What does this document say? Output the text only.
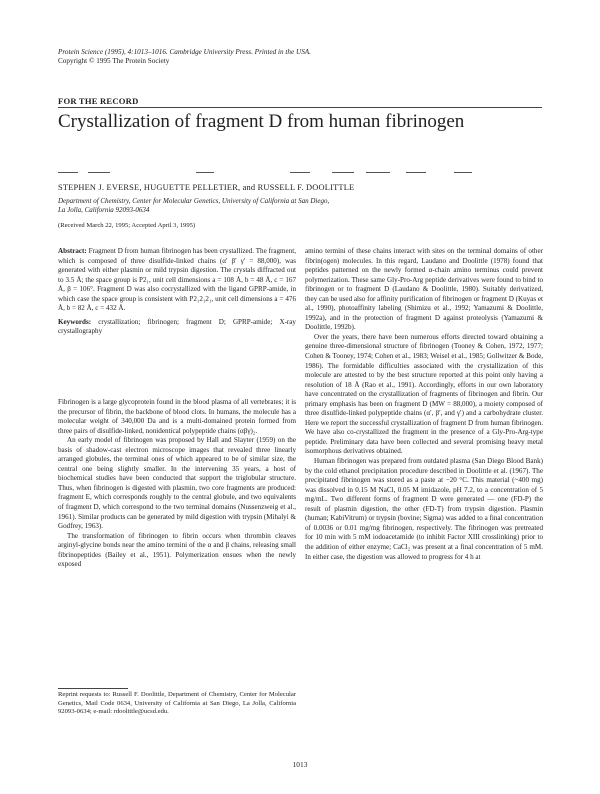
Protein Science (1995), 4:1013–1016. Cambridge University Press. Printed in the USA.
Copyright © 1995 The Protein Society
FOR THE RECORD
Crystallization of fragment D from human fibrinogen
STEPHEN J. EVERSE, HUGUETTE PELLETIER, and RUSSELL F. DOOLITTLE
Department of Chemistry, Center for Molecular Genetics, University of California at San Diego,
La Jolla, California 92093-0634
(Received March 22, 1995; Accepted April 3, 1995)

Abstract: Fragment D from human fibrinogen has been crystallized. The fragment, which is composed of three disulfide-linked chains (α′ β′ γ′ = 88,000), was generated with either plasmin or mild trypsin digestion. The crystals diffracted out to 3.5 Å; the space group is P2₁, unit cell dimensions a = 108 Å, b = 48 Å, c = 167 Å, β = 106°. Fragment D was also cocrystallized with the ligand GPRP-amide, in which case the space group is consistent with P2₁2₁2₁, unit cell dimensions a = 476 Å, b = 82 Å, c = 432 Å.

Keywords: crystallization; fibrinogen; fragment D; GPRP-amide; X-ray crystallography

Fibrinogen is a large glycoprotein found in the blood plasma of all vertebrates; it is the precursor of fibrin, the backbone of blood clots. In humans, the molecule has a molecular weight of 340,000 Da and is a multi-domained protein formed from three pairs of disulfide-linked, nonidentical polypeptide chains (αβγ)₂.

An early model of fibrinogen was proposed by Hall and Slayter (1959) on the basis of shadow-cast electron microscope images that revealed three linearly arranged globules, the terminal ones of which appeared to be of similar size, the central one being slightly smaller. In the intervening 35 years, a host of biochemical studies have been conducted that support the triglobular structure. Thus, when fibrinogen is digested with plasmin, two core fragments are produced: fragment E, which corresponds roughly to the central globule, and two equivalents of fragment D, which correspond to the two terminal domains (Nussenzweig et al., 1961). Similar products can be generated by mild digestion with trypsin (Mihalyi & Godfrey, 1963).

The transformation of fibrinogen to fibrin occurs when thrombin cleaves arginyl-glycine bonds near the amino termini of the α and β chains, releasing small fibrinopeptides (Bailey et al., 1951). Polymerization ensues when the newly exposed

amino termini of these chains interact with sites on the terminal domains of other fibrin(ogen) molecules. In this regard, Laudano and Doolittle (1978) found that peptides patterned on the newly formed α-chain amino terminus could prevent polymerization. These same Gly-Pro-Arg peptide derivatives were found to bind to fibrinogen or to fragment D (Laudano & Doolittle, 1980). Suitably derivatized, they can be used also for affinity purification of fibrinogen or fragment D (Kuyas et al., 1990), photoaffinity labeling (Shimizu et al., 1992; Yamazumi & Doolittle, 1992a), and in the protection of fragment D against proteolysis (Yamazumi & Doolittle, 1992b).

Over the years, there have been numerous efforts directed toward obtaining a genuine three-dimensional structure of fibrinogen (Tooney & Cohen, 1972, 1977; Cohen & Tooney, 1974; Cohen et al., 1983; Weisel et al., 1985; Gollwitzer & Bode, 1986). The formidable difficulties associated with the crystallization of this molecule are attested to by the best structure reported at this point only having a resolution of 18 Å (Rao et al., 1991). Accordingly, efforts in our own laboratory have concentrated on the crystallization of fragments of fibrinogen and fibrin. Our primary emphasis has been on fragment D (MW = 88,000), a moiety composed of three disulfide-linked polypeptide chains (α′, β′, and γ′) and a carbohydrate cluster. Here we report the successful crystallization of fragment D from human fibrinogen. We have also co-crystallized the fragment in the presence of a Gly-Pro-Arg-type peptide. Preliminary data have been collected and several promising heavy metal isomorphous derivatives obtained.

Human fibrinogen was prepared from outdated plasma (San Diego Blood Bank) by the cold ethanol precipitation procedure described in Doolittle et al. (1967). The precipitated fibrinogen was stored as a paste at −20 °C. This material (~400 mg) was dissolved in 0.15 M NaCl, 0.05 M imidazole, pH 7.2, to a concentration of 5 mg/mL. Two different forms of fragment D were generated — one (FD-P) the result of plasmin digestion, the other (FD-T) from trypsin digestion. Plasmin (human; KabiVitrum) or trypsin (bovine; Sigma) was added to a final concentration of 0.0036 or 0.01 mg/mg fibrinogen, respectively. The fibrinogen was pretreated for 10 min with 5 mM iodoacetamide (to inhibit Factor XIII crosslinking) prior to the addition of either enzyme; CaCl₂ was present at a final concentration of 5 mM. In either case, the digestion was allowed to progress for 4 h at

Reprint requests to: Russell F. Doolittle, Department of Chemistry, Center for Molecular Genetics, Mail Code 0634, University of California at San Diego, La Jolla, California 92093-0634; e-mail: rdoolittle@ucsd.edu.
1013
